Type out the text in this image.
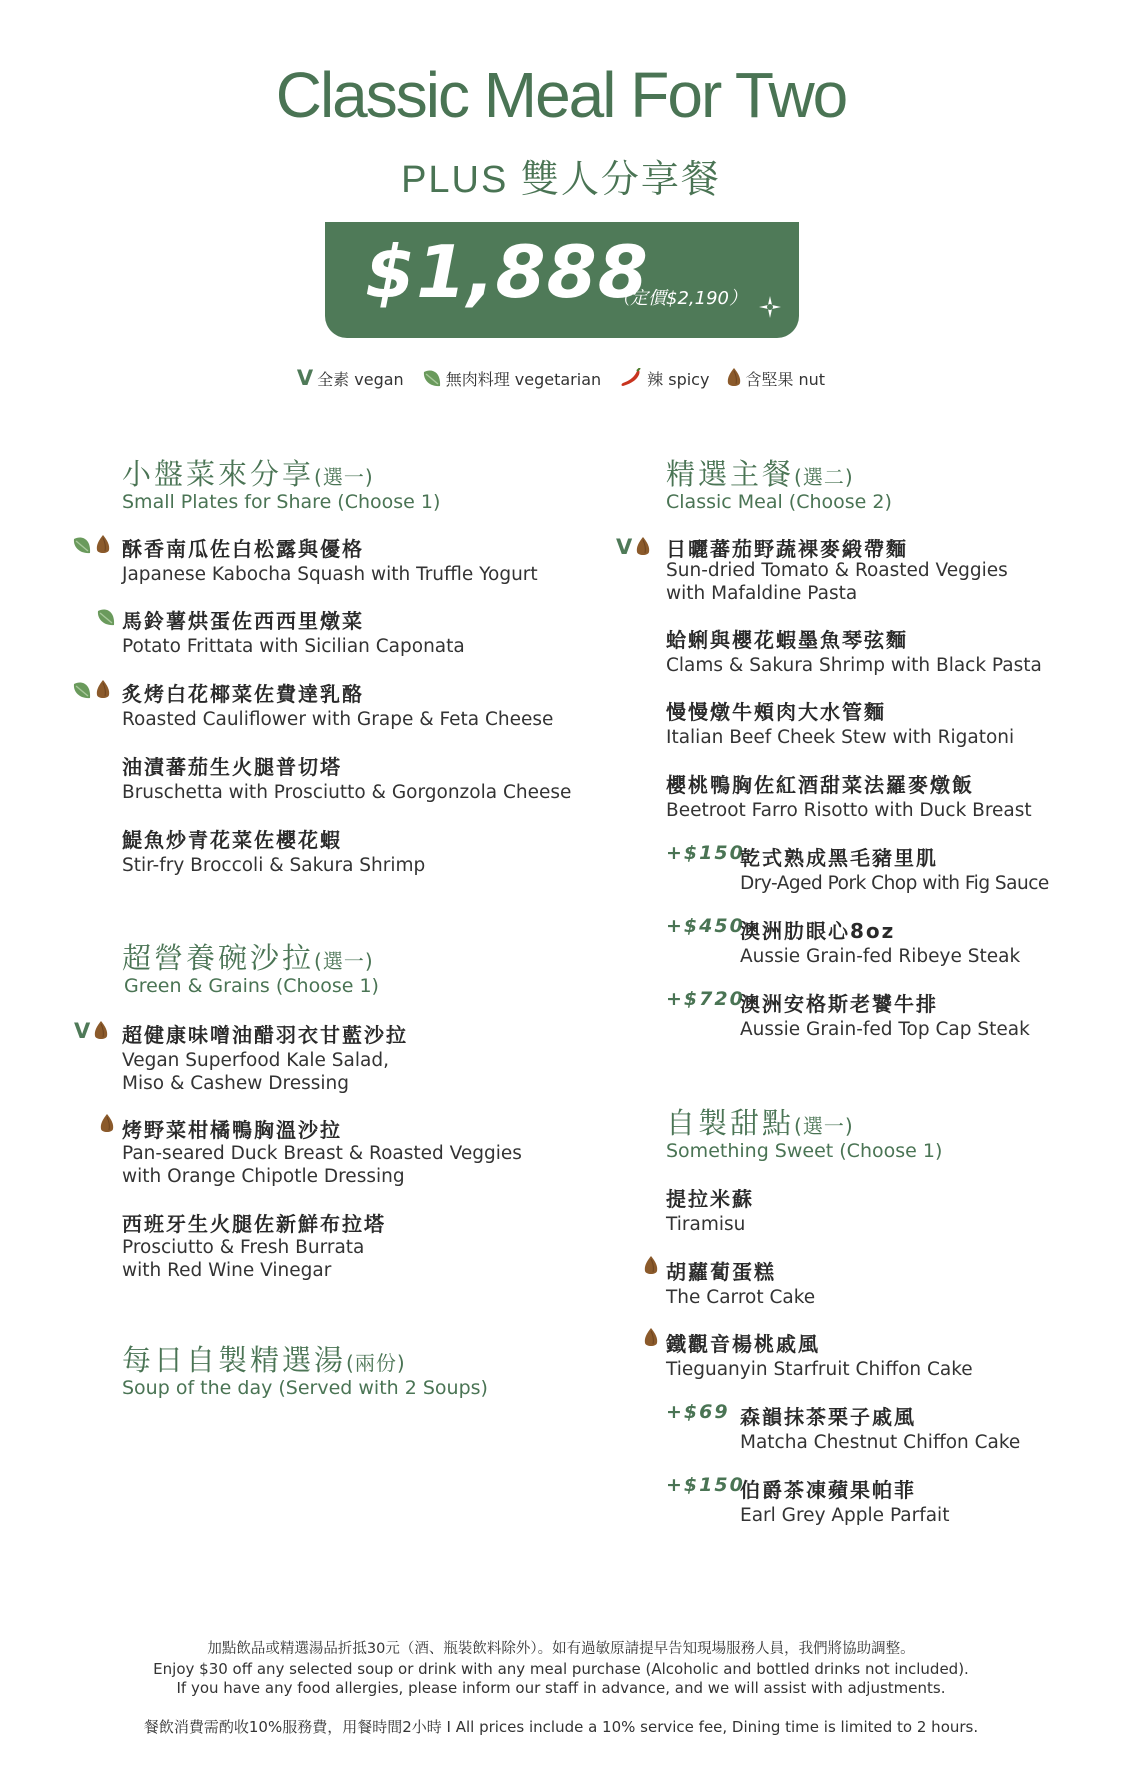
Classic Meal For Two
PLUS 雙人分享餐
$1,888
（定價$2,190）
V 全素 vegan	無肉料理 vegetarian	辣 spicy 含堅果 nut
小盤菜來分享(選一)
Small Plates for Share (Choose 1)
酥香南瓜佐白松露與優格
Japanese Kabocha Squash with Truffle Yogurt
馬鈴薯烘蛋佐西西里燉菜
Potato Frittata with Sicilian Caponata
炙烤白花椰菜佐費達乳酪
Roasted Cauliflower with Grape & Feta Cheese
油漬蕃茄生火腿普切塔
Bruschetta with Prosciutto & Gorgonzola Cheese
鯷魚炒青花菜佐櫻花蝦
Stir-fry Broccoli & Sakura Shrimp
超營養碗沙拉(選一)
Green & Grains (Choose 1)
V 超健康味噌油醋羽衣甘藍沙拉
Vegan Superfood Kale Salad,
Miso & Cashew Dressing
烤野菜柑橘鴨胸溫沙拉
Pan-seared Duck Breast & Roasted Veggies
with Orange Chipotle Dressing
西班牙生火腿佐新鮮布拉塔
Prosciutto & Fresh Burrata
with Red Wine Vinegar
每日自製精選湯(兩份)
Soup of the day (Served with 2 Soups)
精選主餐(選二)
Classic Meal (Choose 2)
V 日曬蕃茄野蔬裸麥緞帶麵
Sun-dried Tomato & Roasted Veggies
with Mafaldine Pasta
蛤蜊與櫻花蝦墨魚琴弦麵
Clams & Sakura Shrimp with Black Pasta
慢慢燉牛頰肉大水管麵
Italian Beef Cheek Stew with Rigatoni
櫻桃鴨胸佐紅酒甜菜法羅麥燉飯
Beetroot Farro Risotto with Duck Breast
+$150
乾式熟成黑毛豬里肌
Dry-Aged Pork Chop with Fig Sauce
+$450
澳洲肋眼心8oz
Aussie Grain-fed Ribeye Steak
+$720
澳洲安格斯老饕牛排
Aussie Grain-fed Top Cap Steak
自製甜點(選一)
Something Sweet (Choose 1)
提拉米蘇
Tiramisu
胡蘿蔔蛋糕
The Carrot Cake
鐵觀音楊桃戚風
Tieguanyin Starfruit Chiffon Cake
+$69 森韻抹茶栗子戚風
Matcha Chestnut Chiffon Cake
+$150
伯爵茶凍蘋果帕菲
Earl Grey Apple Parfait
加點飲品或精選湯品折抵30元（酒、瓶裝飲料除外）。如有過敏原請提早告知現場服務人員，我們將協助調整。
Enjoy $30 off any selected soup or drink with any meal purchase (Alcoholic and bottled drinks not included).
If you have any food allergies, please inform our staff in advance, and we will assist with adjustments.
餐飲消費需酌收10%服務費，用餐時間2小時 I All prices include a 10% service fee, Dining time is limited to 2 hours.
